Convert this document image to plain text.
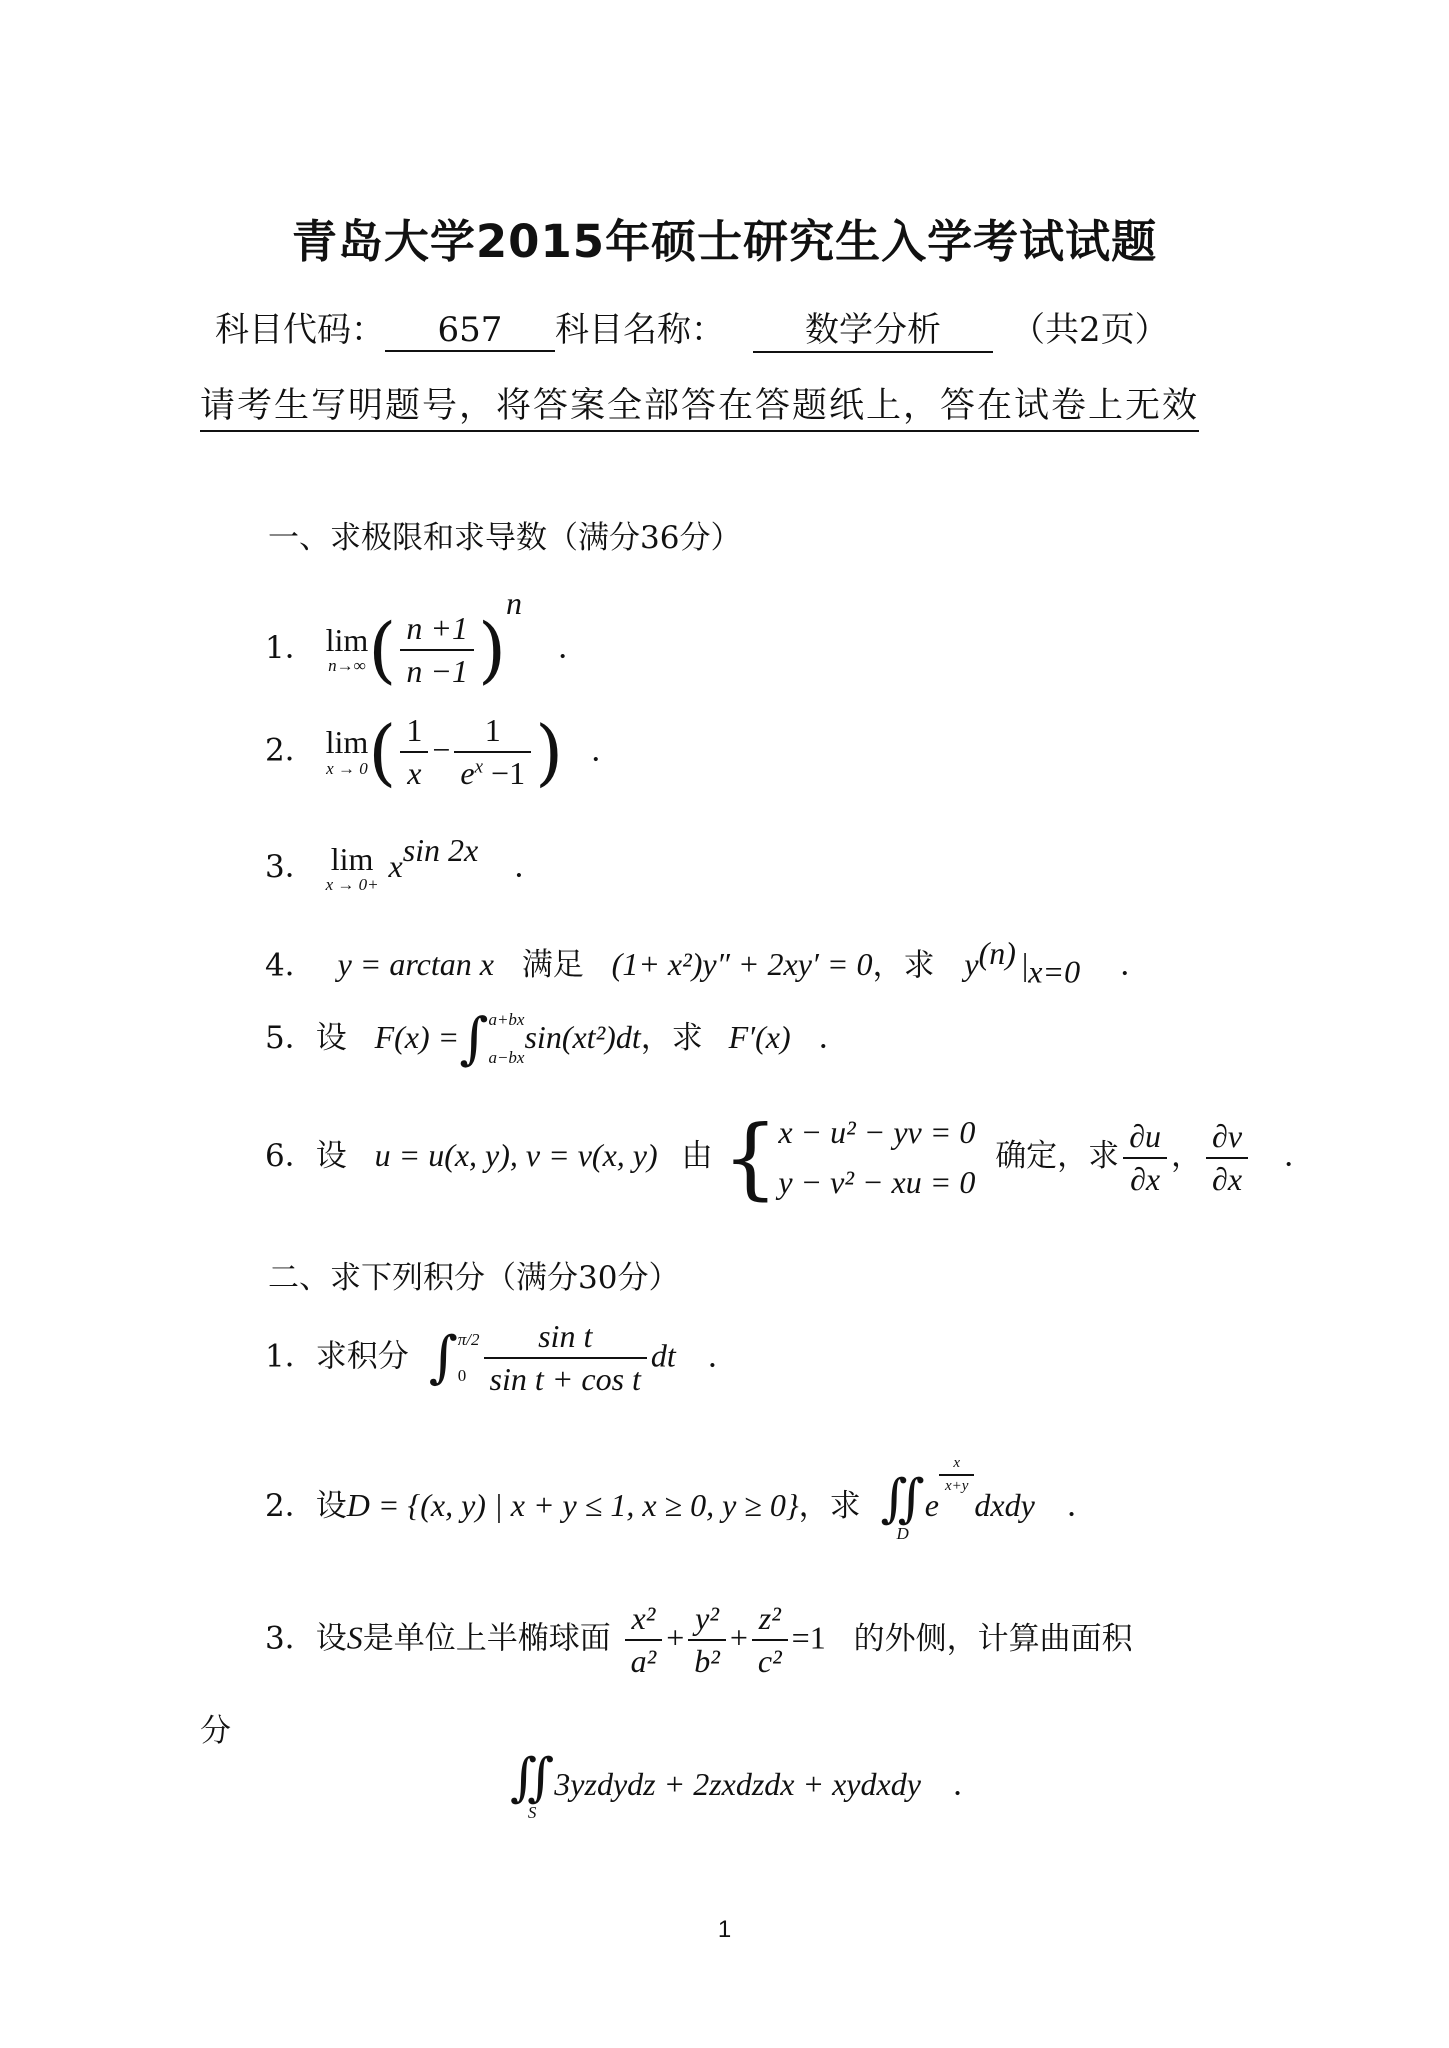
青岛大学2015年硕士研究生入学考试试题
科目代码： 657 科目名称： 数学分析 （共2页）
请考生写明题号，将答案全部答在答题纸上，答在试卷上无效
一、求极限和求导数（满分36分）
1． lim
n→∞ ( $\frac{n +1}{n -1} )^n$ ．
2． lim
x → 0 ( $\frac{1}{x} - \frac{1}{e^x -1}$ ) ．
3． lim
x → 0+
$x^{sin 2x}$ ．
4． y = arctan x 满足 (1+ x²)y″ + 2xy′ = 0，求 $y^{(n)}$ $|_{x=0}$ ．
5．设 F(x) =∫ a+bx
a−bx
sin(xt²)dt，求 F′(x) ．
6．设 u = u(x, y), v = v(x, y) 由 { x − u² − yv = 0
y − v² − xu = 0
确定，求 $\frac{\partial u}{\partial x}$ ， $\frac{\partial v}{\partial x}$ ．
二、求下列积分（满分30分）
1．求积分 ∫ π/2
$0 \frac{\text{sin t}}{\text{sin t + cos t}}$ dt ．
2．设D = {(x, y) | x + y ≤ 1, x ≥ 0, y ≥ 0}，求 ∬
D
e
$\frac{x}{x+y}$
dxdy ．
3．设S是单位上半椭球面 $\frac{\text{x²}}{\text{a²}} + \frac{\text{y²}}{\text{b²}} + \frac{\text{z²}}{\text{c²}} =1$ 的外侧，计算曲面积
分
∬
S
3yzdydz + 2zxdzdx + xydxdy ．
1
